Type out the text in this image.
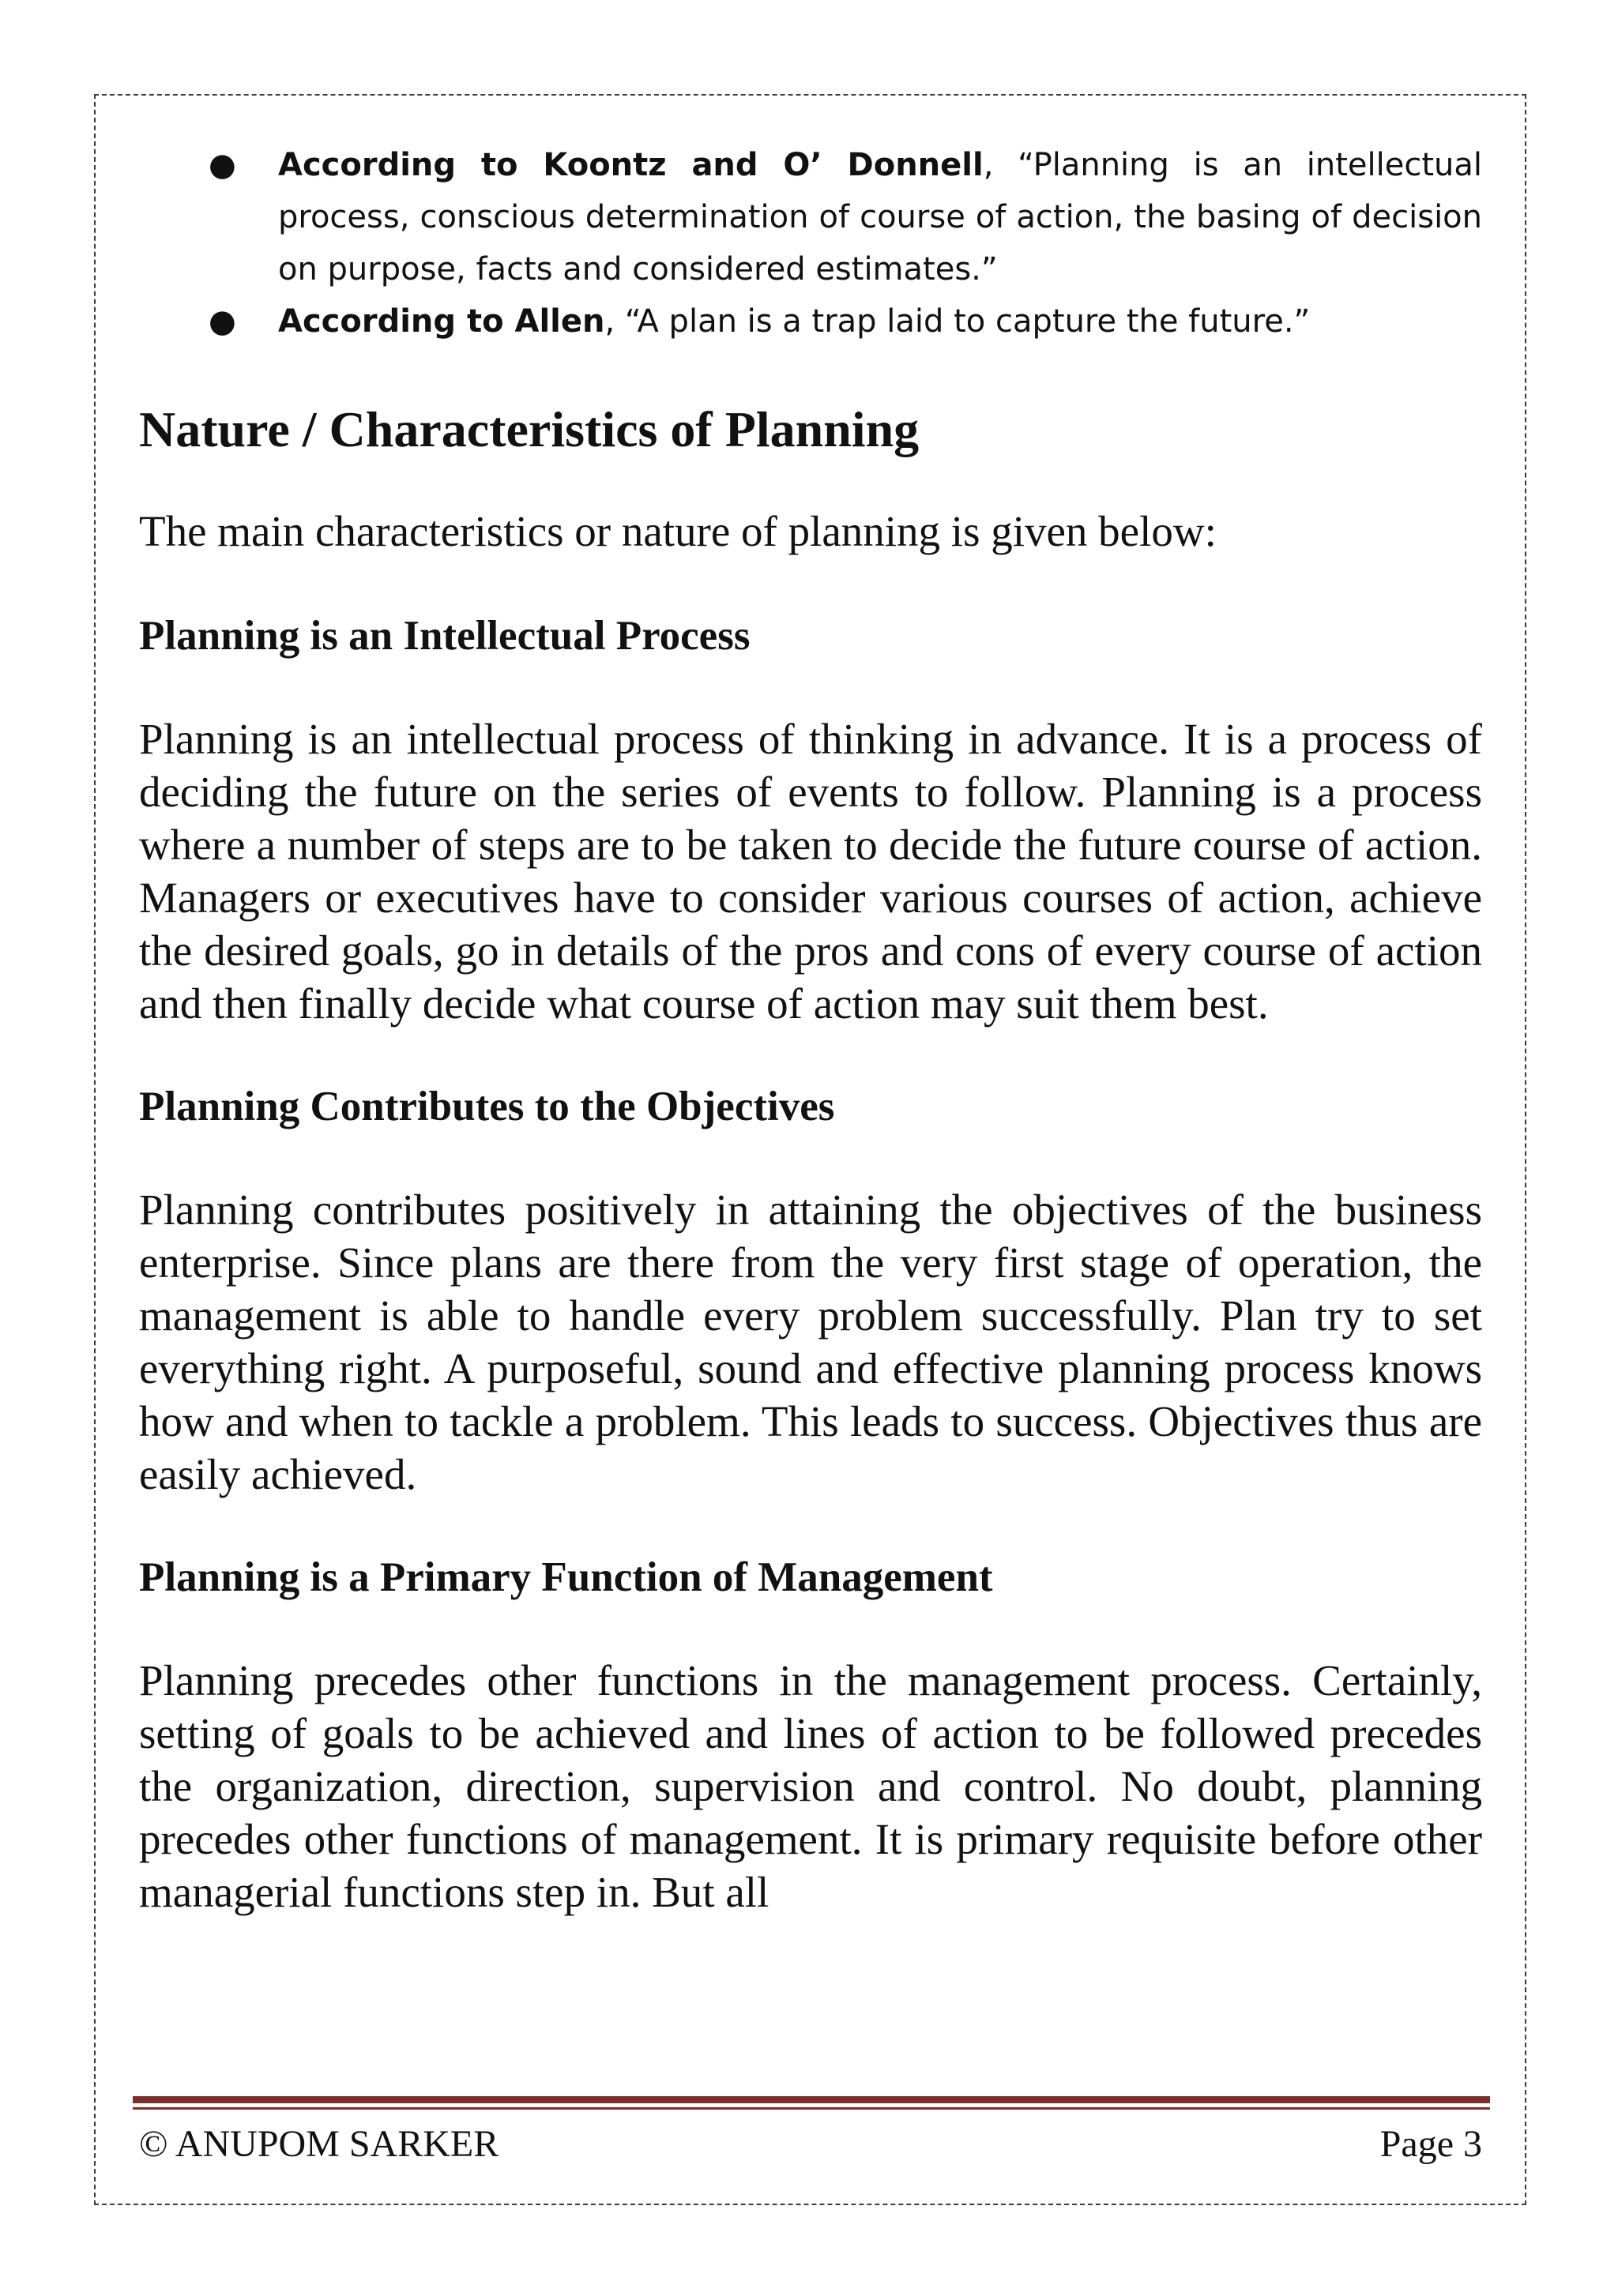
● According to Koontz and O’ Donnell, “Planning is an intellectual process, conscious determination of course of action, the basing of decision on purpose, facts and considered estimates.”
● According to Allen, “A plan is a trap laid to capture the future.”
Nature / Characteristics of Planning

The main characteristics or nature of planning is given below:

Planning is an Intellectual Process

Planning is an intellectual process of thinking in advance. It is a process of deciding the future on the series of events to follow. Planning is a process where a number of steps are to be taken to decide the future course of action. Managers or executives have to consider various courses of action, achieve the desired goals, go in details of the pros and cons of every course of action and then finally decide what course of action may suit them best.

Planning Contributes to the Objectives

Planning contributes positively in attaining the objectives of the business enterprise. Since plans are there from the very first stage of operation, the management is able to handle every problem successfully. Plan try to set everything right. A purposeful, sound and effective planning process knows how and when to tackle a problem. This leads to success. Objectives thus are easily achieved.

Planning is a Primary Function of Management

Planning precedes other functions in the management process. Certainly, setting of goals to be achieved and lines of action to be followed precedes the organization, direction, supervision and control. No doubt, planning precedes other functions of management. It is primary requisite before other managerial functions step in. But all

© ANUPOM SARKER	Page 3
